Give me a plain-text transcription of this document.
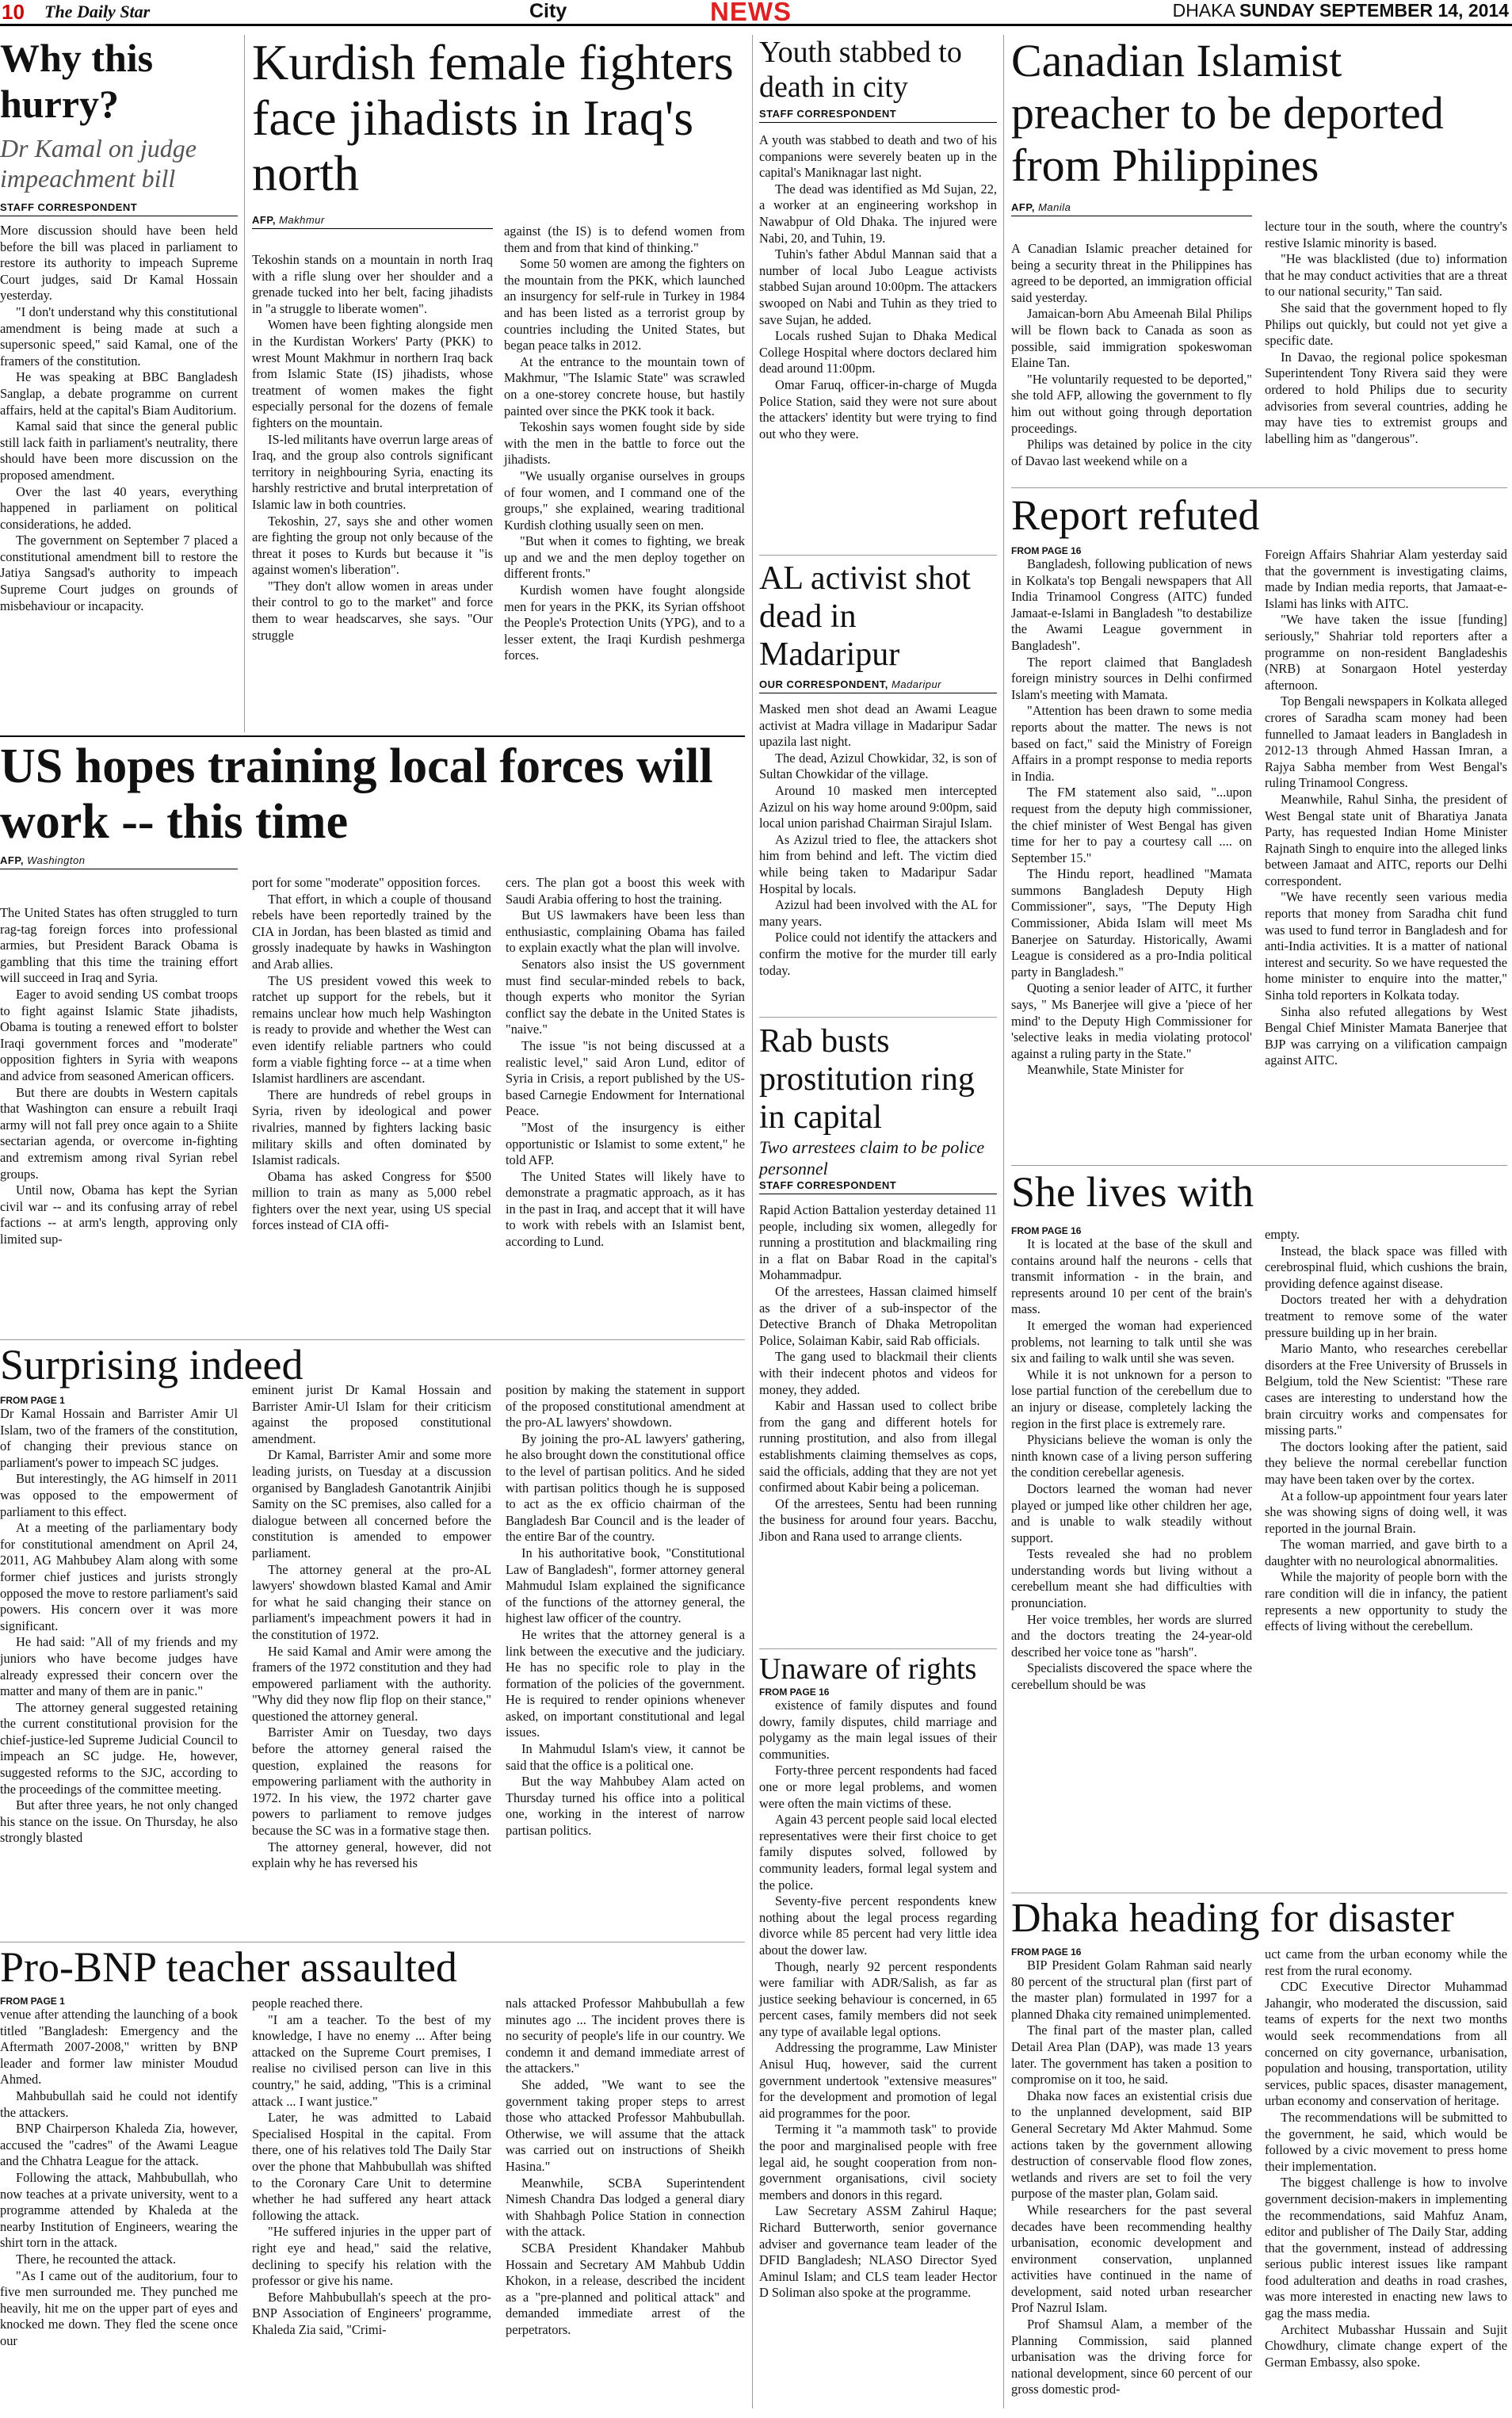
10 The Daily Star	City	NEWS	DHAKA SUNDAY SEPTEMBER 14, 2014
Why this hurry?
Dr Kamal on judge impeachment bill
STAFF CORRESPONDENT

More discussion should have been held before the bill was placed in parliament to restore its authority to impeach Supreme Court judges, said Dr Kamal Hossain yesterday.

"I don't understand why this constitutional amendment is being made at such a supersonic speed," said Kamal, one of the framers of the constitution.

He was speaking at BBC Bangladesh Sanglap, a debate programme on current affairs, held at the capital's Biam Auditorium.

Kamal said that since the general public still lack faith in parliament's neutrality, there should have been more discussion on the proposed amendment.

Over the last 40 years, everything happened in parliament on political considerations, he added.

The government on September 7 placed a constitutional amendment bill to restore the Jatiya Sangsad's authority to impeach Supreme Court judges on grounds of misbehaviour or incapacity.

Kurdish female fighters face jihadists in Iraq's north
AFP, Makhmur

Tekoshin stands on a mountain in north Iraq with a rifle slung over her shoulder and a grenade tucked into her belt, facing jihadists in "a struggle to liberate women".

Women have been fighting alongside men in the Kurdistan Workers' Party (PKK) to wrest Mount Makhmur in northern Iraq back from Islamic State (IS) jihadists, whose treatment of women makes the fight especially personal for the dozens of female fighters on the mountain.

IS-led militants have overrun large areas of Iraq, and the group also controls significant territory in neighbouring Syria, enacting its harshly restrictive and brutal interpretation of Islamic law in both countries.

Tekoshin, 27, says she and other women are fighting the group not only because of the threat it poses to Kurds but because it "is against women's liberation".

"They don't allow women in areas under their control to go to the market" and force them to wear headscarves, she says. "Our struggle

against (the IS) is to defend women from them and from that kind of thinking."

Some 50 women are among the fighters on the mountain from the PKK, which launched an insurgency for self-rule in Turkey in 1984 and has been listed as a terrorist group by countries including the United States, but began peace talks in 2012.

At the entrance to the mountain town of Makhmur, "The Islamic State" was scrawled on a one-storey concrete house, but hastily painted over since the PKK took it back.

Tekoshin says women fought side by side with the men in the battle to force out the jihadists.

"We usually organise ourselves in groups of four women, and I command one of the groups," she explained, wearing traditional Kurdish clothing usually seen on men.

"But when it comes to fighting, we break up and we and the men deploy together on different fronts."

Kurdish women have fought alongside men for years in the PKK, its Syrian offshoot the People's Protection Units (YPG), and to a lesser extent, the Iraqi Kurdish peshmerga forces.

Youth stabbed to death in city
STAFF CORRESPONDENT

A youth was stabbed to death and two of his companions were severely beaten up in the capital's Maniknagar last night.

The dead was identified as Md Sujan, 22, a worker at an engineering workshop in Nawabpur of Old Dhaka. The injured were Nabi, 20, and Tuhin, 19.

Tuhin's father Abdul Mannan said that a number of local Jubo League activists stabbed Sujan around 10:00pm. The attackers swooped on Nabi and Tuhin as they tried to save Sujan, he added.

Locals rushed Sujan to Dhaka Medical College Hospital where doctors declared him dead around 11:00pm.

Omar Faruq, officer-in-charge of Mugda Police Station, said they were not sure about the attackers' identity but were trying to find out who they were.

Canadian Islamist preacher to be deported from Philippines
AFP, Manila

A Canadian Islamic preacher detained for being a security threat in the Philippines has agreed to be deported, an immigration official said yesterday.

Jamaican-born Abu Ameenah Bilal Philips will be flown back to Canada as soon as possible, said immigration spokeswoman Elaine Tan.

"He voluntarily requested to be deported," she told AFP, allowing the government to fly him out without going through deportation proceedings.

Philips was detained by police in the city of Davao last weekend while on a

lecture tour in the south, where the country's restive Islamic minority is based.

"He was blacklisted (due to) information that he may conduct activities that are a threat to our national security," Tan said.

She said that the government hoped to fly Philips out quickly, but could not yet give a specific date.

In Davao, the regional police spokesman Superintendent Tony Rivera said they were ordered to hold Philips due to security advisories from several countries, adding he may have ties to extremist groups and labelling him as "dangerous".

Report refuted
FROM PAGE 16

Bangladesh, following publication of news in Kolkata's top Bengali newspapers that All India Trinamool Congress (AITC) funded Jamaat-e-Islami in Bangladesh "to destabilize the Awami League government in Bangladesh".

The report claimed that Bangladesh foreign ministry sources in Delhi confirmed Islam's meeting with Mamata.

"Attention has been drawn to some media reports about the matter. The news is not based on fact," said the Ministry of Foreign Affairs in a prompt response to media reports in India.

The FM statement also said, "...upon request from the deputy high commissioner, the chief minister of West Bengal has given time for her to pay a courtesy call .... on September 15."

The Hindu report, headlined "Mamata summons Bangladesh Deputy High Commissioner", says, "The Deputy High Commissioner, Abida Islam will meet Ms Banerjee on Saturday. Historically, Awami League is considered as a pro-India political party in Bangladesh."

Quoting a senior leader of AITC, it further says, " Ms Banerjee will give a 'piece of her mind' to the Deputy High Commissioner for 'selective leaks in media violating protocol' against a ruling party in the State."

Meanwhile, State Minister for

Foreign Affairs Shahriar Alam yesterday said that the government is investigating claims, made by Indian media reports, that Jamaat-e-Islami has links with AITC.

"We have taken the issue [funding] seriously," Shahriar told reporters after a programme on non-resident Bangladeshis (NRB) at Sonargaon Hotel yesterday afternoon.

Top Bengali newspapers in Kolkata alleged crores of Saradha scam money had been funnelled to Jamaat leaders in Bangladesh in 2012-13 through Ahmed Hassan Imran, a Rajya Sabha member from West Bengal's ruling Trinamool Congress.

Meanwhile, Rahul Sinha, the president of West Bengal state unit of Bharatiya Janata Party, has requested Indian Home Minister Rajnath Singh to enquire into the alleged links between Jamaat and AITC, reports our Delhi correspondent.

"We have recently seen various media reports that money from Saradha chit fund was used to fund terror in Bangladesh and for anti-India activities. It is a matter of national interest and security. So we have requested the home minister to enquire into the matter," Sinha told reporters in Kolkata today.

Sinha also refuted allegations by West Bengal Chief Minister Mamata Banerjee that BJP was carrying on a vilification campaign against AITC.

AL activist shot dead in Madaripur
OUR CORRESPONDENT, Madaripur

Masked men shot dead an Awami League activist at Madra village in Madaripur Sadar upazila last night.

The dead, Azizul Chowkidar, 32, is son of Sultan Chowkidar of the village.

Around 10 masked men intercepted Azizul on his way home around 9:00pm, said local union parishad Chairman Sirajul Islam.

As Azizul tried to flee, the attackers shot him from behind and left. The victim died while being taken to Madaripur Sadar Hospital by locals.

Azizul had been involved with the AL for many years.

Police could not identify the attackers and confirm the motive for the murder till early today.

US hopes training local forces will work -- this time
AFP, Washington

The United States has often struggled to turn rag-tag foreign forces into professional armies, but President Barack Obama is gambling that this time the training effort will succeed in Iraq and Syria.

Eager to avoid sending US combat troops to fight against Islamic State jihadists, Obama is touting a renewed effort to bolster Iraqi government forces and "moderate" opposition fighters in Syria with weapons and advice from seasoned American officers.

But there are doubts in Western capitals that Washington can ensure a rebuilt Iraqi army will not fall prey once again to a Shiite sectarian agenda, or overcome in-fighting and extremism among rival Syrian rebel groups.

Until now, Obama has kept the Syrian civil war -- and its confusing array of rebel factions -- at arm's length, approving only limited sup-

port for some "moderate" opposition forces.

That effort, in which a couple of thousand rebels have been reportedly trained by the CIA in Jordan, has been blasted as timid and grossly inadequate by hawks in Washington and Arab allies.

The US president vowed this week to ratchet up support for the rebels, but it remains unclear how much help Washington is ready to provide and whether the West can even identify reliable partners who could form a viable fighting force -- at a time when Islamist hardliners are ascendant.

There are hundreds of rebel groups in Syria, riven by ideological and power rivalries, manned by fighters lacking basic military skills and often dominated by Islamist radicals.

Obama has asked Congress for $500 million to train as many as 5,000 rebel fighters over the next year, using US special forces instead of CIA offi-

cers. The plan got a boost this week with Saudi Arabia offering to host the training.

But US lawmakers have been less than enthusiastic, complaining Obama has failed to explain exactly what the plan will involve.

Senators also insist the US government must find secular-minded rebels to back, though experts who monitor the Syrian conflict say the debate in the United States is "naive."

The issue "is not being discussed at a realistic level," said Aron Lund, editor of Syria in Crisis, a report published by the US-based Carnegie Endowment for International Peace.

"Most of the insurgency is either opportunistic or Islamist to some extent," he told AFP.

The United States will likely have to demonstrate a pragmatic approach, as it has in the past in Iraq, and accept that it will have to work with rebels with an Islamist bent, according to Lund.

Rab busts prostitution ring in capital
Two arrestees claim to be police personnel
STAFF CORRESPONDENT

Rapid Action Battalion yesterday detained 11 people, including six women, allegedly for running a prostitution and blackmailing ring in a flat on Babar Road in the capital's Mohammadpur.

Of the arrestees, Hassan claimed himself as the driver of a sub-inspector of the Detective Branch of Dhaka Metropolitan Police, Solaiman Kabir, said Rab officials.

The gang used to blackmail their clients with their indecent photos and videos for money, they added.

Kabir and Hassan used to collect bribe from the gang and different hotels for running prostitution, and also from illegal establishments claiming themselves as cops, said the officials, adding that they are not yet confirmed about Kabir being a policeman.

Of the arrestees, Sentu had been running the business for around four years. Bacchu, Jibon and Rana used to arrange clients.

She lives with
FROM PAGE 16

It is located at the base of the skull and contains around half the neurons - cells that transmit information - in the brain, and represents around 10 per cent of the brain's mass.

It emerged the woman had experienced problems, not learning to talk until she was six and failing to walk until she was seven.

While it is not unknown for a person to lose partial function of the cerebellum due to an injury or disease, completely lacking the region in the first place is extremely rare.

Physicians believe the woman is only the ninth known case of a living person suffering the condition cerebellar agenesis.

Doctors learned the woman had never played or jumped like other children her age, and is unable to walk steadily without support.

Tests revealed she had no problem understanding words but living without a cerebellum meant she had difficulties with pronunciation.

Her voice trembles, her words are slurred and the doctors treating the 24-year-old described her voice tone as "harsh".

Specialists discovered the space where the cerebellum should be was

empty.

Instead, the black space was filled with cerebrospinal fluid, which cushions the brain, providing defence against disease.

Doctors treated her with a dehydration treatment to remove some of the water pressure building up in her brain.

Mario Manto, who researches cerebellar disorders at the Free University of Brussels in Belgium, told the New Scientist: "These rare cases are interesting to understand how the brain circuitry works and compensates for missing parts."

The doctors looking after the patient, said they believe the normal cerebellar function may have been taken over by the cortex.

At a follow-up appointment four years later she was showing signs of doing well, it was reported in the journal Brain.

The woman married, and gave birth to a daughter with no neurological abnormalities.

While the majority of people born with the rare condition will die in infancy, the patient represents a new opportunity to study the effects of living without the cerebellum.

Surprising indeed
FROM PAGE 1

Dr Kamal Hossain and Barrister Amir Ul Islam, two of the framers of the constitution, of changing their previous stance on parliament's power to impeach SC judges.

But interestingly, the AG himself in 2011 was opposed to the empowerment of parliament to this effect.

At a meeting of the parliamentary body for constitutional amendment on April 24, 2011, AG Mahbubey Alam along with some former chief justices and jurists strongly opposed the move to restore parliament's said powers. His concern over it was more significant.

He had said: "All of my friends and my juniors who have become judges have already expressed their concern over the matter and many of them are in panic."

The attorney general suggested retaining the current constitutional provision for the chief-justice-led Supreme Judicial Council to impeach an SC judge. He, however, suggested reforms to the SJC, according to the proceedings of the committee meeting.

But after three years, he not only changed his stance on the issue. On Thursday, he also strongly blasted

eminent jurist Dr Kamal Hossain and Barrister Amir-Ul Islam for their criticism against the proposed constitutional amendment.

Dr Kamal, Barrister Amir and some more leading jurists, on Tuesday at a discussion organised by Bangladesh Ganotantrik Ainjibi Samity on the SC premises, also called for a dialogue between all concerned before the constitution is amended to empower parliament.

The attorney general at the pro-AL lawyers' showdown blasted Kamal and Amir for what he said changing their stance on parliament's impeachment powers it had in the constitution of 1972.

He said Kamal and Amir were among the framers of the 1972 constitution and they had empowered parliament with the authority. "Why did they now flip flop on their stance," questioned the attorney general.

Barrister Amir on Tuesday, two days before the attorney general raised the question, explained the reasons for empowering parliament with the authority in 1972. In his view, the 1972 charter gave powers to parliament to remove judges because the SC was in a formative stage then.

The attorney general, however, did not explain why he has reversed his

position by making the statement in support of the proposed constitutional amendment at the pro-AL lawyers' showdown.

By joining the pro-AL lawyers' gathering, he also brought down the constitutional office to the level of partisan politics. And he sided with partisan politics though he is supposed to act as the ex officio chairman of the Bangladesh Bar Council and is the leader of the entire Bar of the country.

In his authoritative book, "Constitutional Law of Bangladesh", former attorney general Mahmudul Islam explained the significance of the functions of the attorney general, the highest law officer of the country.

He writes that the attorney general is a link between the executive and the judiciary. He has no specific role to play in the formation of the policies of the government. He is required to render opinions whenever asked, on important constitutional and legal issues.

In Mahmudul Islam's view, it cannot be said that the office is a political one.

But the way Mahbubey Alam acted on Thursday turned his office into a political one, working in the interest of narrow partisan politics.

Unaware of rights
FROM PAGE 16

existence of family disputes and found dowry, family disputes, child marriage and polygamy as the main legal issues of their communities.

Forty-three percent respondents had faced one or more legal problems, and women were often the main victims of these.

Again 43 percent people said local elected representatives were their first choice to get family disputes solved, followed by community leaders, formal legal system and the police.

Seventy-five percent respondents knew nothing about the legal process regarding divorce while 85 percent had very little idea about the dower law.

Though, nearly 92 percent respondents were familiar with ADR/Salish, as far as justice seeking behaviour is concerned, in 65 percent cases, family members did not seek any type of available legal options.

Addressing the programme, Law Minister Anisul Huq, however, said the current government undertook "extensive measures" for the development and promotion of legal aid programmes for the poor.

Terming it "a mammoth task" to provide the poor and marginalised people with free legal aid, he sought cooperation from non-government organisations, civil society members and donors in this regard.

Law Secretary ASSM Zahirul Haque; Richard Butterworth, senior governance adviser and governance team leader of the DFID Bangladesh; NLASO Director Syed Aminul Islam; and CLS team leader Hector D Soliman also spoke at the programme.

Dhaka heading for disaster
FROM PAGE 16

BIP President Golam Rahman said nearly 80 percent of the structural plan (first part of the master plan) formulated in 1997 for a planned Dhaka city remained unimplemented.

The final part of the master plan, called Detail Area Plan (DAP), was made 13 years later. The government has taken a position to compromise on it too, he said.

Dhaka now faces an existential crisis due to the unplanned development, said BIP General Secretary Md Akter Mahmud. Some actions taken by the government allowing destruction of conservable flood flow zones, wetlands and rivers are set to foil the very purpose of the master plan, Golam said.

While researchers for the past several decades have been recommending healthy urbanisation, economic development and environment conservation, unplanned activities have continued in the name of development, said noted urban researcher Prof Nazrul Islam.

Prof Shamsul Alam, a member of the Planning Commission, said planned urbanisation was the driving force for national development, since 60 percent of our gross domestic prod-

uct came from the urban economy while the rest from the rural economy.

CDC Executive Director Muhammad Jahangir, who moderated the discussion, said teams of experts for the next two months would seek recommendations from all concerned on city governance, urbanisation, population and housing, transportation, utility services, public spaces, disaster management, urban economy and conservation of heritage.

The recommendations will be submitted to the government, he said, which would be followed by a civic movement to press home their implementation.

The biggest challenge is how to involve government decision-makers in implementing the recommendations, said Mahfuz Anam, editor and publisher of The Daily Star, adding that the government, instead of addressing serious public interest issues like rampant food adulteration and deaths in road crashes, was more interested in enacting new laws to gag the mass media.

Architect Mubasshar Hussain and Sujit Chowdhury, climate change expert of the German Embassy, also spoke.

Pro-BNP teacher assaulted
FROM PAGE 1

venue after attending the launching of a book titled "Bangladesh: Emergency and the Aftermath 2007-2008," written by BNP leader and former law minister Moudud Ahmed.

Mahbubullah said he could not identify the attackers.

BNP Chairperson Khaleda Zia, however, accused the "cadres" of the Awami League and the Chhatra League for the attack.

Following the attack, Mahbubullah, who now teaches at a private university, went to a programme attended by Khaleda at the nearby Institution of Engineers, wearing the shirt torn in the attack.

There, he recounted the attack.

"As I came out of the auditorium, four to five men surrounded me. They punched me heavily, hit me on the upper part of eyes and knocked me down. They fled the scene once our

people reached there.

"I am a teacher. To the best of my knowledge, I have no enemy ... After being attacked on the Supreme Court premises, I realise no civilised person can live in this country," he said, adding, "This is a criminal attack ... I want justice."

Later, he was admitted to Labaid Specialised Hospital in the capital. From there, one of his relatives told The Daily Star over the phone that Mahbubullah was shifted to the Coronary Care Unit to determine whether he had suffered any heart attack following the attack.

"He suffered injuries in the upper part of right eye and head," said the relative, declining to specify his relation with the professor or give his name.

Before Mahbubullah's speech at the pro-BNP Association of Engineers' programme, Khaleda Zia said, "Crimi-

nals attacked Professor Mahbubullah a few minutes ago ... The incident proves there is no security of people's life in our country. We condemn it and demand immediate arrest of the attackers."

She added, "We want to see the government taking proper steps to arrest those who attacked Professor Mahbubullah. Otherwise, we will assume that the attack was carried out on instructions of Sheikh Hasina."

Meanwhile, SCBA Superintendent Nimesh Chandra Das lodged a general diary with Shahbagh Police Station in connection with the attack.

SCBA President Khandaker Mahbub Hossain and Secretary AM Mahbub Uddin Khokon, in a release, described the incident as a "pre-planned and political attack" and demanded immediate arrest of the perpetrators.
